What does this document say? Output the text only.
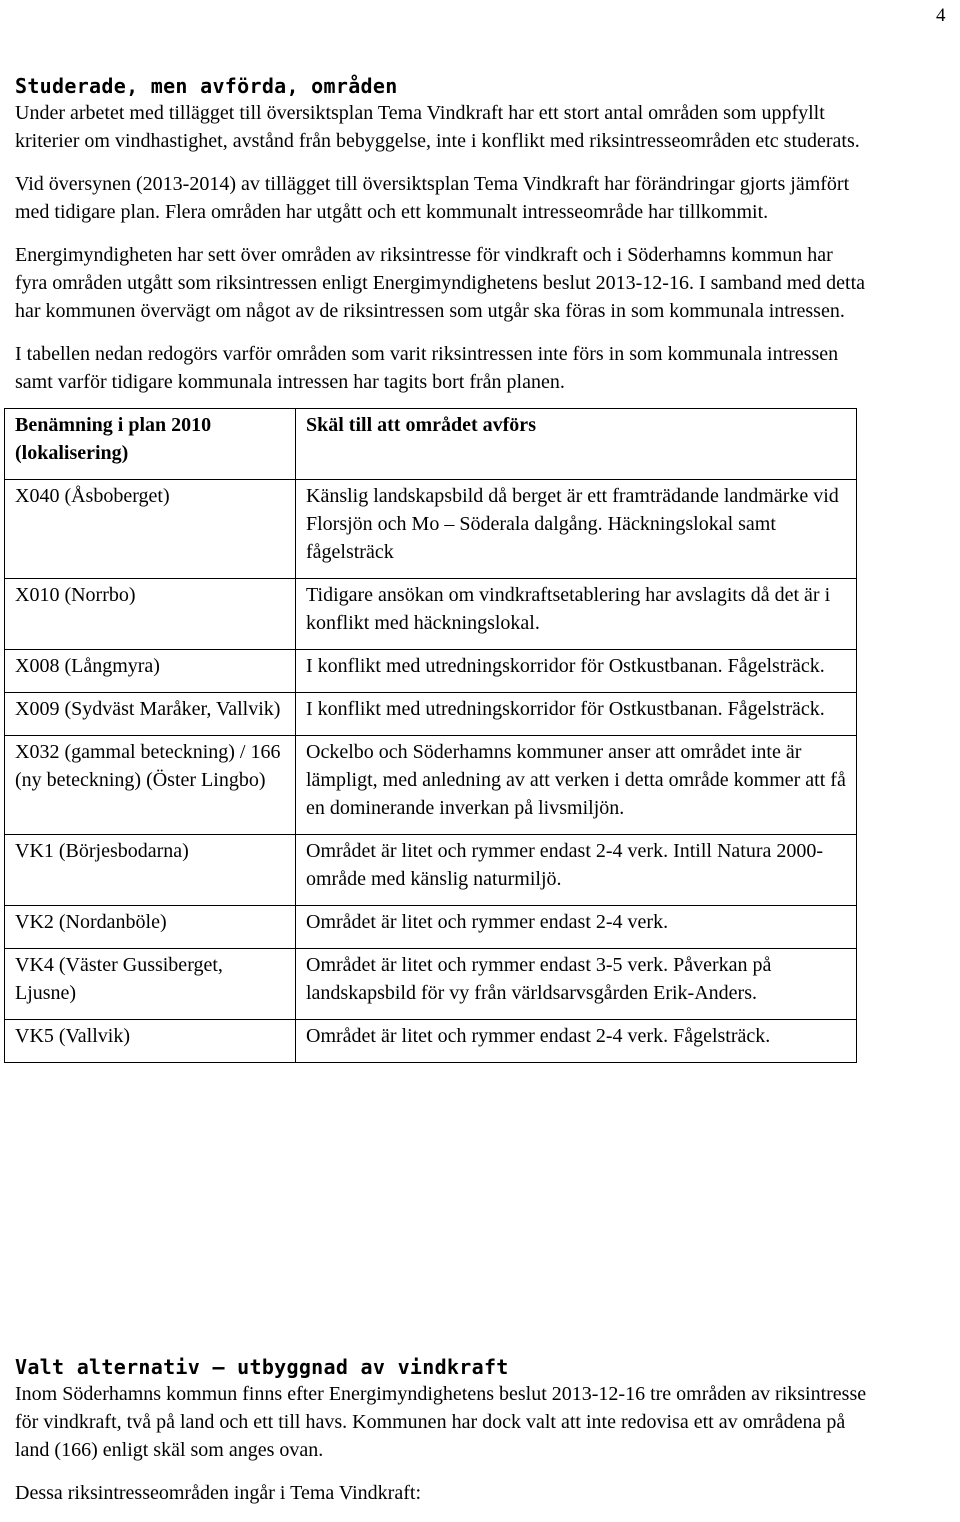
4
Studerade, men avförda, områden

Under arbetet med tillägget till översiktsplan Tema Vindkraft har ett stort antal områden som uppfyllt kriterier om vindhastighet, avstånd från bebyggelse, inte i konflikt med riksintresseområden etc studerats.

Vid översynen (2013-2014) av tillägget till översiktsplan Tema Vindkraft har förändringar gjorts jämfört med tidigare plan. Flera områden har utgått och ett kommunalt intresseområde har tillkommit.

Energimyndigheten har sett över områden av riksintresse för vindkraft och i Söderhamns kommun har fyra områden utgått som riksintressen enligt Energimyndighetens beslut 2013-12-16. I samband med detta har kommunen övervägt om något av de riksintressen som utgår ska föras in som kommunala intressen.

I tabellen nedan redogörs varför områden som varit riksintressen inte förs in som kommunala intressen samt varför tidigare kommunala intressen har tagits bort från planen.

Benämning i plan 2010 (lokalisering)	Skäl till att området avförs
X040 (Åsboberget)	Känslig landskapsbild då berget är ett framträdande landmärke vid Florsjön och Mo – Söderala dalgång. Häckningslokal samt fågelsträck
X010 (Norrbo)	Tidigare ansökan om vindkraftsetablering har avslagits då det är i konflikt med häckningslokal.
X008 (Långmyra)	I konflikt med utredningskorridor för Ostkustbanan. Fågelsträck.
X009 (Sydväst Maråker, Vallvik)	I konflikt med utredningskorridor för Ostkustbanan. Fågelsträck.
X032 (gammal beteckning) / 166 (ny beteckning) (Öster Lingbo)	Ockelbo och Söderhamns kommuner anser att området inte är lämpligt, med anledning av att verken i detta område kommer att få en dominerande inverkan på livsmiljön.
VK1 (Börjesbodarna)	Området är litet och rymmer endast 2-4 verk. Intill Natura 2000-område med känslig naturmiljö.
VK2 (Nordanböle)	Området är litet och rymmer endast 2-4 verk.
VK4 (Väster Gussiberget, Ljusne)	Området är litet och rymmer endast 3-5 verk. Påverkan på landskapsbild för vy från världsarvsgården Erik-Anders.
VK5 (Vallvik)	Området är litet och rymmer endast 2-4 verk. Fågelsträck.
Valt alternativ – utbyggnad av vindkraft

Inom Söderhamns kommun finns efter Energimyndighetens beslut 2013-12-16 tre områden av riksintresse för vindkraft, två på land och ett till havs. Kommunen har dock valt att inte redovisa ett av områdena på land (166) enligt skäl som anges ovan.

Dessa riksintresseområden ingår i Tema Vindkraft:
